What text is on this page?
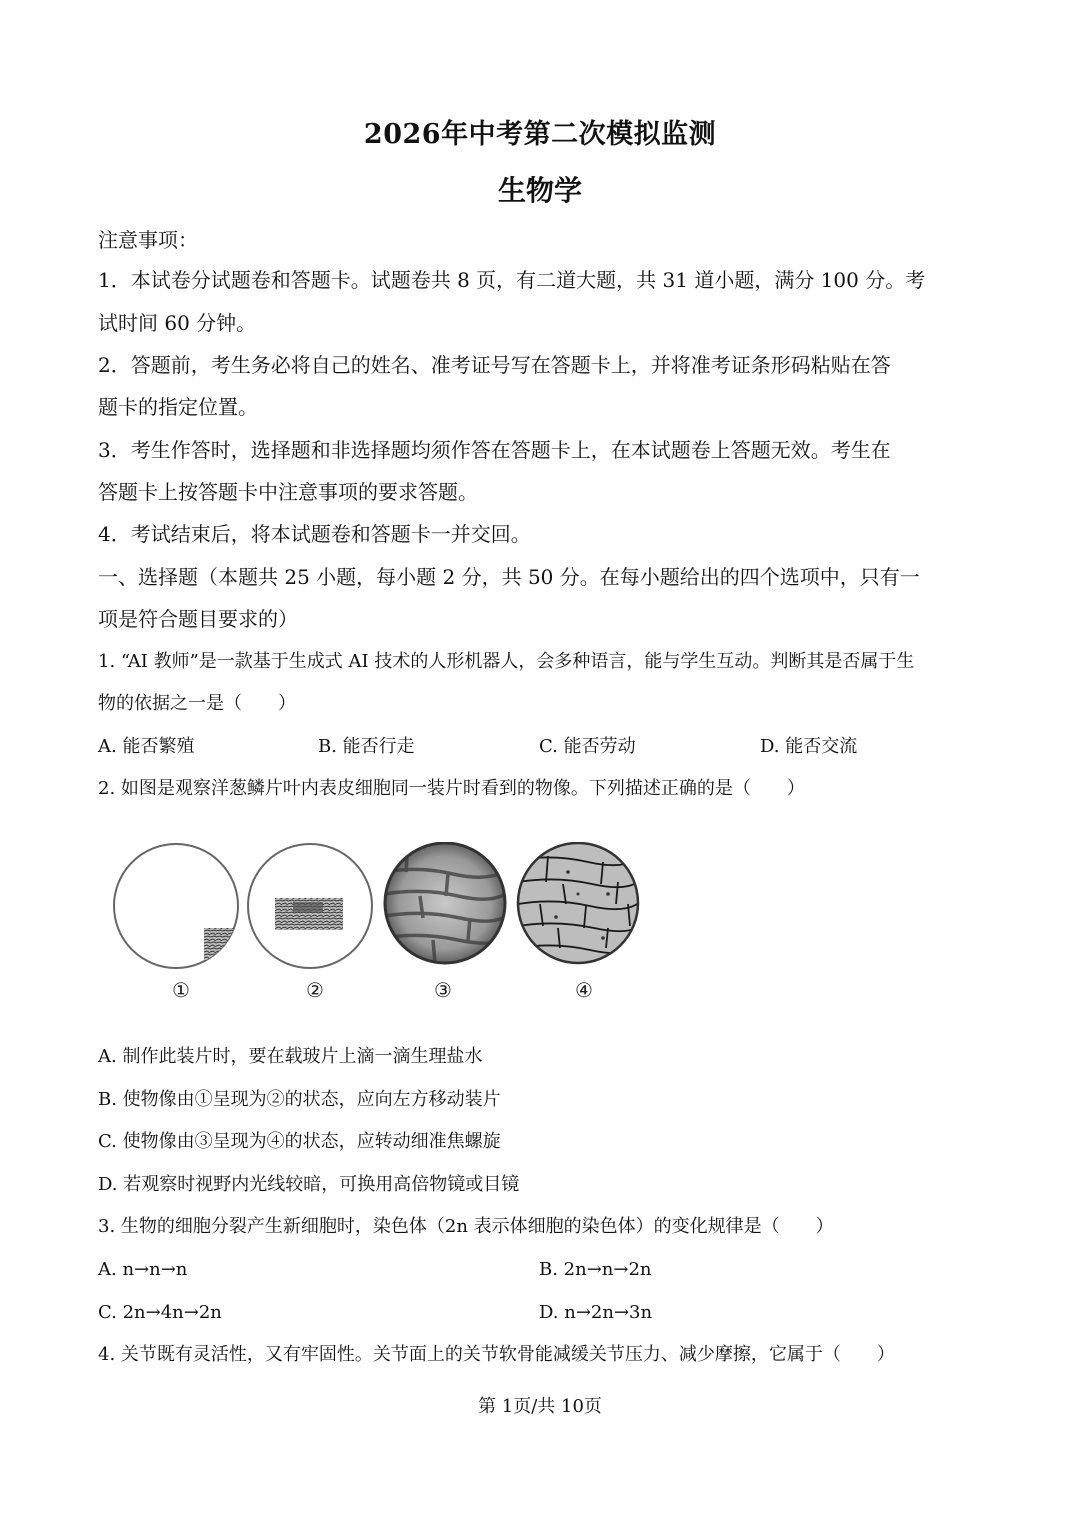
2026年中考第二次模拟监测
生物学
注意事项：
1．本试卷分试题卷和答题卡。试题卷共 8 页，有二道大题，共 31 道小题，满分 100 分。考
试时间 60 分钟。
2．答题前，考生务必将自己的姓名、准考证号写在答题卡上，并将准考证条形码粘贴在答
题卡的指定位置。
3．考生作答时，选择题和非选择题均须作答在答题卡上，在本试题卷上答题无效。考生在
答题卡上按答题卡中注意事项的要求答题。
4．考试结束后，将本试题卷和答题卡一并交回。
一、选择题（本题共 25 小题，每小题 2 分，共 50 分。在每小题给出的四个选项中，只有一
项是符合题目要求的）
1. “AI 教师”是一款基于生成式 AI 技术的人形机器人，会多种语言，能与学生互动。判断其是否属于生
物的依据之一是（　　）
A. 能否繁殖	B. 能否行走	C. 能否劳动	D. 能否交流
2. 如图是观察洋葱鳞片叶内表皮细胞同一装片时看到的物像。下列描述正确的是（　　）
①	②	③	④
A. 制作此装片时，要在载玻片上滴一滴生理盐水
B. 使物像由①呈现为②的状态，应向左方移动装片
C. 使物像由③呈现为④的状态，应转动细准焦螺旋
D. 若观察时视野内光线较暗，可换用高倍物镜或目镜
3. 生物的细胞分裂产生新细胞时，染色体（2n 表示体细胞的染色体）的变化规律是（　　）
A. n→n→n	B. 2n→n→2n
C. 2n→4n→2n	D. n→2n→3n
4. 关节既有灵活性，又有牢固性。关节面上的关节软骨能减缓关节压力、减少摩擦，它属于（　　）
第 1页/共 10页
